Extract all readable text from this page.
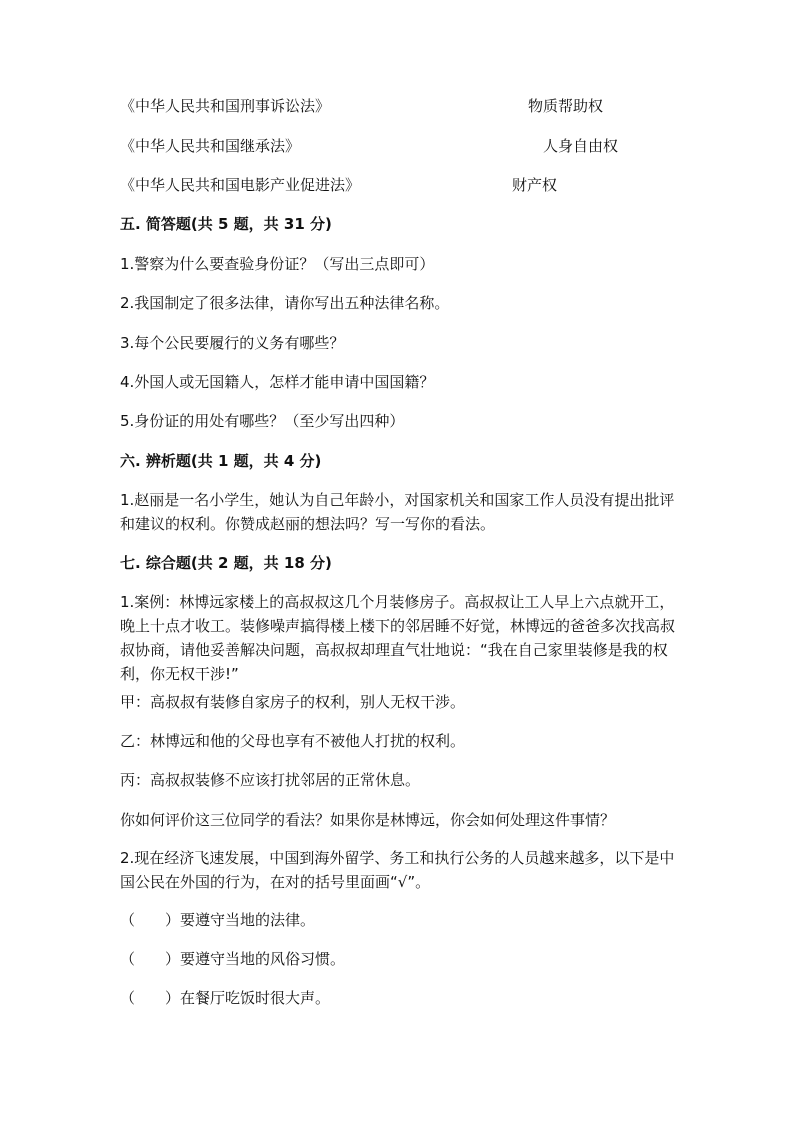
《中华人民共和国刑事诉讼法》	物质帮助权
《中华人民共和国继承法》	人身自由权
《中华人民共和国电影产业促进法》	财产权
五. 简答题(共 5 题，共 31 分)
1.警察为什么要查验身份证？（写出三点即可）
2.我国制定了很多法律，请你写出五种法律名称。
3.每个公民要履行的义务有哪些？
4.外国人或无国籍人，怎样才能申请中国国籍？
5.身份证的用处有哪些？（至少写出四种）
六. 辨析题(共 1 题，共 4 分)
1.赵丽是一名小学生，她认为自己年龄小，对国家机关和国家工作人员没有提出批评和建议的权利。你赞成赵丽的想法吗？写一写你的看法。
七. 综合题(共 2 题，共 18 分)
1.案例：林博远家楼上的高叔叔这几个月装修房子。高叔叔让工人早上六点就开工，晚上十点才收工。装修噪声搞得楼上楼下的邻居睡不好觉，林博远的爸爸多次找高叔叔协商，请他妥善解决问题，高叔叔却理直气壮地说：“我在自己家里装修是我的权利，你无权干涉!”
甲：高叔叔有装修自家房子的权利，别人无权干涉。
乙：林博远和他的父母也享有不被他人打扰的权利。
丙：高叔叔装修不应该打扰邻居的正常休息。
你如何评价这三位同学的看法？如果你是林博远，你会如何处理这件事情？
2.现在经济飞速发展，中国到海外留学、务工和执行公务的人员越来越多，以下是中国公民在外国的行为，在对的括号里面画“√”。
（　　）要遵守当地的法律。
（　　）要遵守当地的风俗习惯。
（　　）在餐厅吃饭时很大声。
